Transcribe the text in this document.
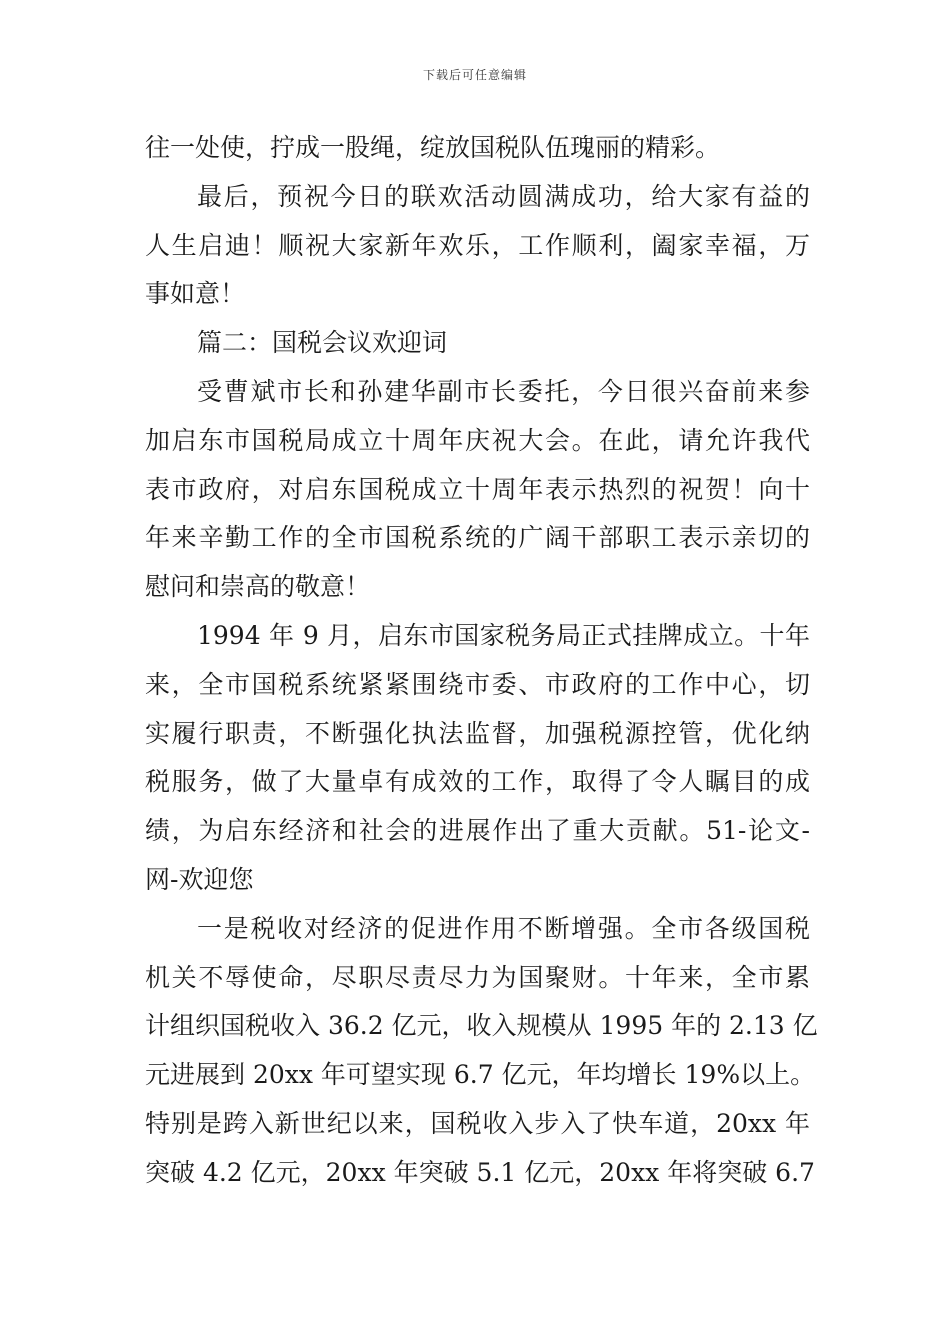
下载后可任意编辑
往一处使，拧成一股绳，绽放国税队伍瑰丽的精彩。
最后，预祝今日的联欢活动圆满成功，给大家有益的
人生启迪！顺祝大家新年欢乐，工作顺利，阖家幸福，万
事如意！
篇二：国税会议欢迎词
受曹斌市长和孙建华副市长委托，今日很兴奋前来参
加启东市国税局成立十周年庆祝大会。在此，请允许我代
表市政府，对启东国税成立十周年表示热烈的祝贺！向十
年来辛勤工作的全市国税系统的广阔干部职工表示亲切的
慰问和崇高的敬意！
1994 年 9 月，启东市国家税务局正式挂牌成立。十年
来，全市国税系统紧紧围绕市委、市政府的工作中心，切
实履行职责，不断强化执法监督，加强税源控管，优化纳
税服务，做了大量卓有成效的工作，取得了令人瞩目的成
绩，为启东经济和社会的进展作出了重大贡献。51-论文-
网-欢迎您
一是税收对经济的促进作用不断增强。全市各级国税
机关不辱使命，尽职尽责尽力为国聚财。十年来，全市累
计组织国税收入 36.2 亿元，收入规模从 1995 年的 2.13 亿
元进展到 20xx 年可望实现 6.7 亿元，年均增长 19%以上。
特别是跨入新世纪以来，国税收入步入了快车道，20xx 年
突破 4.2 亿元，20xx 年突破 5.1 亿元，20xx 年将突破 6.7
